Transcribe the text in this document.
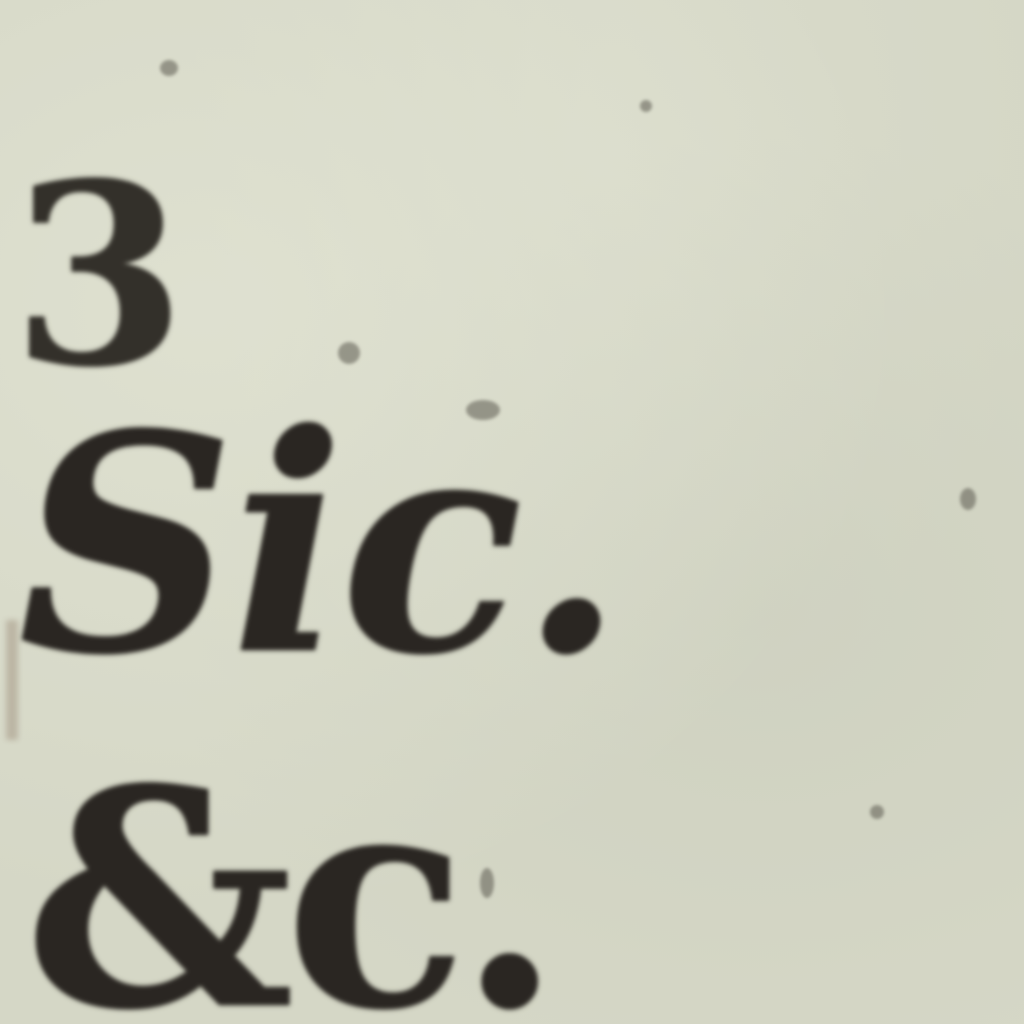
3

Sic.

&c.
